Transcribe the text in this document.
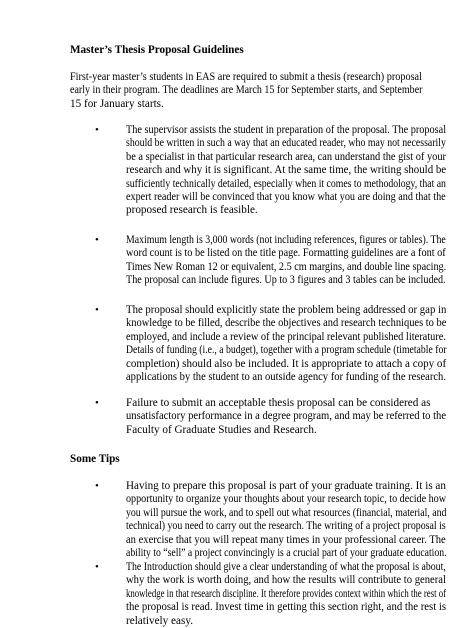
Master’s Thesis Proposal Guidelines
First-year master’s students in EAS are required to submit a thesis (research) proposal
early in their program. The deadlines are March 15 for September starts, and September
15 for January starts.
• The supervisor assists the student in preparation of the proposal. The proposal
should be written in such a way that an educated reader, who may not necessarily
be a specialist in that particular research area, can understand the gist of your
research and why it is significant. At the same time, the writing should be
sufficiently technically detailed, especially when it comes to methodology, that an
expert reader will be convinced that you know what you are doing and that the
proposed research is feasible.
• Maximum length is 3,000 words (not including references, figures or tables). The
word count is to be listed on the title page. Formatting guidelines are a font of
Times New Roman 12 or equivalent, 2.5 cm margins, and double line spacing.
The proposal can include figures. Up to 3 figures and 3 tables can be included.
• The proposal should explicitly state the problem being addressed or gap in
knowledge to be filled, describe the objectives and research techniques to be
employed, and include a review of the principal relevant published literature.
Details of funding (i.e., a budget), together with a program schedule (timetable for
completion) should also be included. It is appropriate to attach a copy of
applications by the student to an outside agency for funding of the research.
• Failure to submit an acceptable thesis proposal can be considered as
unsatisfactory performance in a degree program, and may be referred to the
Faculty of Graduate Studies and Research.
Some Tips
• Having to prepare this proposal is part of your graduate training. It is an
opportunity to organize your thoughts about your research topic, to decide how
you will pursue the work, and to spell out what resources (financial, material, and
technical) you need to carry out the research. The writing of a project proposal is
an exercise that you will repeat many times in your professional career. The
ability to “sell” a project convincingly is a crucial part of your graduate education.
• The Introduction should give a clear understanding of what the proposal is about,
why the work is worth doing, and how the results will contribute to general
knowledge in that research discipline. It therefore provides context within which the rest of
the proposal is read. Invest time in getting this section right, and the rest is
relatively easy.
